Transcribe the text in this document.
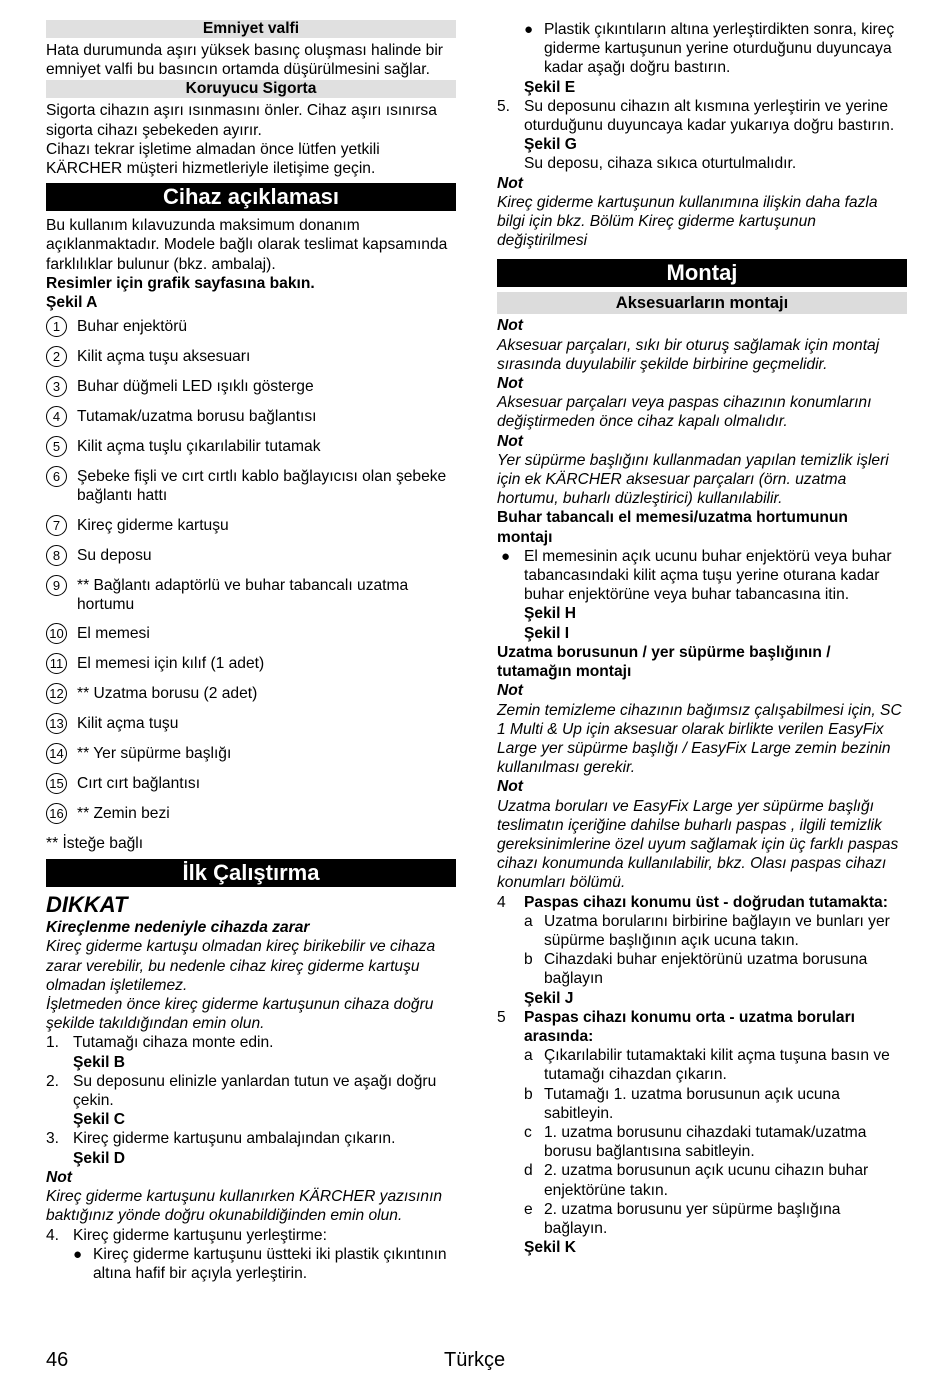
Emniyet valfi

Hata durumunda aşırı yüksek basınç oluşması halinde bir emniyet valfi bu basıncın ortamda düşürülmesini sağlar.

Koruyucu Sigorta

Sigorta cihazın aşırı ısınmasını önler. Cihaz aşırı ısınırsa sigorta cihazı şebekeden ayırır.

Cihazı tekrar işletime almadan önce lütfen yetkili KÄRCHER müşteri hizmetleriyle iletişime geçin.

Cihaz açıklaması

Bu kullanım kılavuzunda maksimum donanım açıklanmaktadır. Modele bağlı olarak teslimat kapsamında farklılıklar bulunur (bkz. ambalaj).

Resimler için grafik sayfasına bakın.

Şekil A

1	Buhar enjektörü
2	Kilit açma tuşu aksesuarı
3	Buhar düğmeli LED ışıklı gösterge
4	Tutamak/uzatma borusu bağlantısı
5	Kilit açma tuşlu çıkarılabilir tutamak
6	Şebeke fişli ve cırt cırtlı kablo bağlayıcısı olan şebeke bağlantı hattı
7	Kireç giderme kartuşu
8	Su deposu
9	** Bağlantı adaptörlü ve buhar tabancalı uzatma hortumu
10 El memesi
11 El memesi için kılıf (1 adet)
12 ** Uzatma borusu (2 adet)
13 Kilit açma tuşu
14 ** Yer süpürme başlığı
15 Cırt cırt bağlantısı
16 ** Zemin bezi

** İsteğe bağlı

İlk Çalıştırma
DIKKAT

Kireçlenme nedeniyle cihazda zarar

Kireç giderme kartuşu olmadan kireç birikebilir ve cihaza zarar verebilir, bu nedenle cihaz kireç giderme kartuşu olmadan işletilemez.

İşletmeden önce kireç giderme kartuşunun cihaza doğru şekilde takıldığından emin olun.

1. Tutamağı cihaza monte edin.
Şekil B
2. Su deposunu elinizle yanlardan tutun ve aşağı doğru çekin.
Şekil C
3. Kireç giderme kartuşunu ambalajından çıkarın.
Şekil D

Not

Kireç giderme kartuşunu kullanırken KÄRCHER yazısının baktığınız yönde doğru okunabildiğinden emin olun.

4. Kireç giderme kartuşunu yerleştirme:
● Kireç giderme kartuşunu üstteki iki plastik çıkıntının altına hafif bir açıyla yerleştirin.
● Plastik çıkıntıların altına yerleştirdikten sonra, kireç giderme kartuşunun yerine oturduğunu duyuncaya kadar aşağı doğru bastırın.
Şekil E
5. Su deposunu cihazın alt kısmına yerleştirin ve yerine oturduğunu duyuncaya kadar yukarıya doğru bastırın.
Şekil G
Su deposu, cihaza sıkıca oturtulmalıdır.

Not

Kireç giderme kartuşunun kullanımına ilişkin daha fazla bilgi için bkz. Bölüm Kireç giderme kartuşunun değiştirilmesi

Montaj
Aksesuarların montajı

Not

Aksesuar parçaları, sıkı bir oturuş sağlamak için montaj sırasında duyulabilir şekilde birbirine geçmelidir.

Not

Aksesuar parçaları veya paspas cihazının konumlarını değiştirmeden önce cihaz kapalı olmalıdır.

Not

Yer süpürme başlığını kullanmadan yapılan temizlik işleri için ek KÄRCHER aksesuar parçaları (örn. uzatma hortumu, buharlı düzleştirici) kullanılabilir.

Buhar tabancalı el memesi/uzatma hortumunun montajı

● El memesinin açık ucunu buhar enjektörü veya buhar tabancasındaki kilit açma tuşu yerine oturana kadar buhar enjektörüne veya buhar tabancasına itin.
Şekil H
Şekil I

Uzatma borusunun / yer süpürme başlığının / tutamağın montajı

Not

Zemin temizleme cihazının bağımsız çalışabilmesi için, SC 1 Multi & Up için aksesuar olarak birlikte verilen EasyFix Large yer süpürme başlığı / EasyFix Large zemin bezinin kullanılması gerekir.

Not

Uzatma boruları ve EasyFix Large yer süpürme başlığı teslimatın içeriğine dahilse buharlı paspas , ilgili temizlik gereksinimlerine özel uyum sağlamak için üç farklı paspas cihazı konumunda kullanılabilir, bkz. Olası paspas cihazı konumları bölümü.

4 Paspas cihazı konumu üst - doğrudan tutamakta:
a Uzatma borularını birbirine bağlayın ve bunları yer süpürme başlığının açık ucuna takın.
b Cihazdaki buhar enjektörünü uzatma borusuna bağlayın
Şekil J
5 Paspas cihazı konumu orta - uzatma boruları arasında:
a Çıkarılabilir tutamaktaki kilit açma tuşuna basın ve tutamağı cihazdan çıkarın.
b Tutamağı 1. uzatma borusunun açık ucuna sabitleyin.
c 1. uzatma borusunu cihazdaki tutamak/uzatma borusu bağlantısına sabitleyin.
d 2. uzatma borusunun açık ucunu cihazın buhar enjektörüne takın.
e 2. uzatma borusunu yer süpürme başlığına bağlayın.
Şekil K
46	Türkçe
